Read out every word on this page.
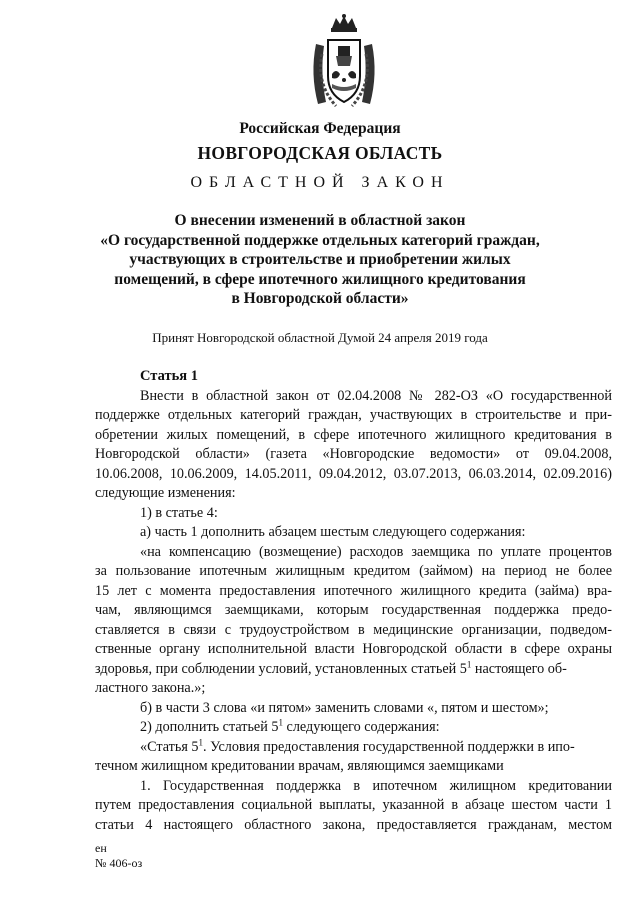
Российская Федерация
НОВГОРОДСКАЯ ОБЛАСТЬ
ОБЛАСТНОЙ ЗАКОН
О внесении изменений в областной закон
«О государственной поддержке отдельных категорий граждан,
участвующих в строительстве и приобретении жилых
помещений, в сфере ипотечного жилищного кредитования
в Новгородской области»
Принят Новгородской областной Думой 24 апреля 2019 года
Статья 1
Внести в областной закон от 02.04.2008 № 282-ОЗ «О государственной
поддержке отдельных категорий граждан, участвующих в строительстве и при-
обретении жилых помещений, в сфере ипотечного жилищного кредитования в
Новгородской области» (газета «Новгородские ведомости» от 09.04.2008,
10.06.2008, 10.06.2009, 14.05.2011, 09.04.2012, 03.07.2013, 06.03.2014, 02.09.2016)
следующие изменения:
1) в статье 4:
а) часть 1 дополнить абзацем шестым следующего содержания:
«на компенсацию (возмещение) расходов заемщика по уплате процентов
за пользование ипотечным жилищным кредитом (займом) на период не более
15 лет с момента предоставления ипотечного жилищного кредита (займа) вра-
чам, являющимся заемщиками, которым государственная поддержка предо-
ставляется в связи с трудоустройством в медицинские организации, подведом-
ственные органу исполнительной власти Новгородской области в сфере охраны
здоровья, при соблюдении условий, установленных статьей $5^1$ настоящего об-
ластного закона.»;
б) в части 3 слова «и пятом» заменить словами «, пятом и шестом»;
2) дополнить статьей $5^1$ следующего содержания:
«Статья $5^1$. Условия предоставления государственной поддержки в ипо-
течном жилищном кредитовании врачам, являющимся заемщиками
1. Государственная поддержка в ипотечном жилищном кредитовании
путем предоставления социальной выплаты, указанной в абзаце шестом части 1
статьи 4 настоящего областного закона, предоставляется гражданам, местом
ен
№ 406-оз
